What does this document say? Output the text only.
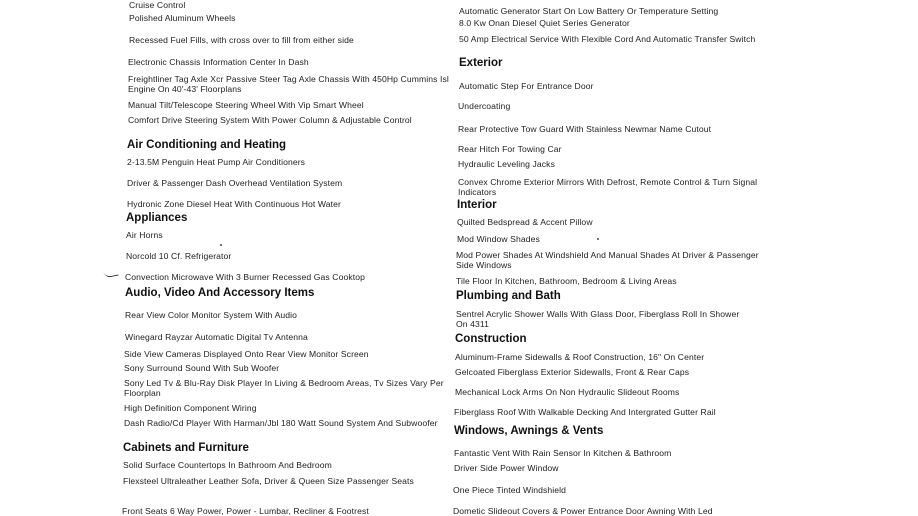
Cruise Control
Polished Aluminum Wheels
Recessed Fuel Fills, with cross over to fill from either side
Electronic Chassis Information Center In Dash
Freightliner Tag Axle Xcr Passive Steer Tag Axle Chassis With 450Hp Cummins Isl Engine On 40'-43' Floorplans
Manual Tilt/Telescope Steering Wheel With Vip Smart Wheel
Comfort Drive Steering System With Power Column & Adjustable Control
Air Conditioning and Heating
2-13.5M Penguin Heat Pump Air Conditioners
Driver & Passenger Dash Overhead Ventilation System
Hydronic Zone Diesel Heat With Continuous Hot Water
Appliances
Air Horns
Norcold 10 Cf. Refrigerator
Convection Microwave With 3 Burner Recessed Gas Cooktop
Audio, Video And Accessory Items
Rear View Color Monitor System With Audio
Winegard Rayzar Automatic Digital Tv Antenna
Side View Cameras Displayed Onto Rear View Monitor Screen
Sony Surround Sound With Sub Woofer
Sony Led Tv & Blu-Ray Disk Player In Living & Bedroom Areas, Tv Sizes Vary Per Floorplan
High Definition Component Wiring
Dash Radio/Cd Player With Harman/Jbl 180 Watt Sound System And Subwoofer
Cabinets and Furniture
Solid Surface Countertops In Bathroom And Bedroom
Flexsteel Ultraleather Leather Sofa, Driver & Queen Size Passenger Seats
Front Seats 6 Way Power, Power - Lumbar, Recliner & Footrest
Automatic Generator Start On Low Battery Or Temperature Setting
8.0 Kw Onan Diesel Quiet Series Generator
50 Amp Electrical Service With Flexible Cord And Automatic Transfer Switch
Exterior
Automatic Step For Entrance Door
Undercoating
Rear Protective Tow Guard With Stainless Newmar Name Cutout
Rear Hitch For Towing Car
Hydraulic Leveling Jacks
Convex Chrome Exterior Mirrors With Defrost, Remote Control & Turn Signal Indicators
Interior
Quilted Bedspread & Accent Pillow
Mod Window Shades
Mod Power Shades At Windshield And Manual Shades At Driver & Passenger Side Windows
Tile Floor In Kitchen, Bathroom, Bedroom & Living Areas
Plumbing and Bath
Sentrel Acrylic Shower Walls With Glass Door, Fiberglass Roll In Shower On 4311
Construction
Aluminum-Frame Sidewalls & Roof Construction, 16" On Center
Gelcoated Fiberglass Exterior Sidewalls, Front & Rear Caps
Mechanical Lock Arms On Non Hydraulic Slideout Rooms
Fiberglass Roof With Walkable Decking And Intergrated Gutter Rail
Windows, Awnings & Vents
Fantastic Vent With Rain Sensor In Kitchen & Bathroom
Driver Side Power Window
One Piece Tinted Windshield
Dometic Slideout Covers & Power Entrance Door Awning With Led
